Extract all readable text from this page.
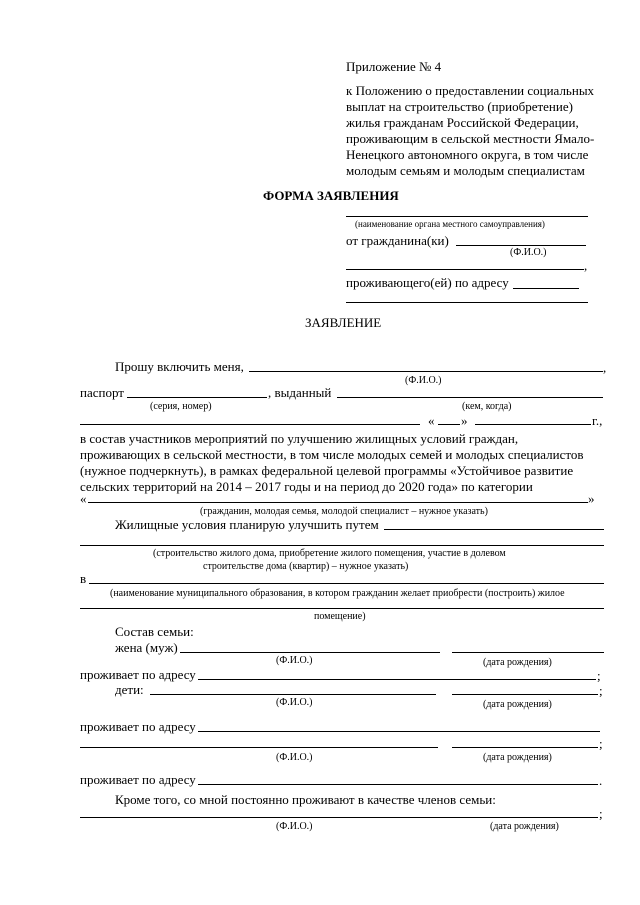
Приложение № 4
к Положению о предоставлении социальных
выплат на строительство (приобретение)
жилья гражданам Российской Федерации,
проживающим в сельской местности Ямало-
Ненецкого автономного округа, в том числе
молодым семьям и молодым специалистам
ФОРМА ЗАЯВЛЕНИЯ
(наименование органа местного самоуправления)
от гражданина(ки)
(Ф.И.О.)
,
проживающего(ей) по адресу
ЗАЯВЛЕНИЕ
Прошу включить меня,	,
(Ф.И.О.)
паспорт	, выданный
(серия, номер)	(кем, когда)
« »	г.,
в состав участников мероприятий по улучшению жилищных условий граждан,
проживающих в сельской местности, в том числе молодых семей и молодых специалистов
(нужное подчеркнуть), в рамках федеральной целевой программы «Устойчивое развитие
сельских территорий на 2014 – 2017 годы и на период до 2020 года» по категории
«	»
(гражданин, молодая семья, молодой специалист – нужное указать)
Жилищные условия планирую улучшить путем
(строительство жилого дома, приобретение жилого помещения, участие в долевом
строительстве дома (квартир) – нужное указать)
в
(наименование муниципального образования, в котором гражданин желает приобрести (построить) жилое
помещение)
Состав семьи:
жена (муж)
(Ф.И.О.)	(дата рождения)
проживает по адресу	;
дети:	;
(Ф.И.О.)	(дата рождения)
проживает по адресу
;
(Ф.И.О.)	(дата рождения)
проживает по адресу	.
Кроме того, со мной постоянно проживают в качестве членов семьи:
;
(Ф.И.О.)	(дата рождения)
